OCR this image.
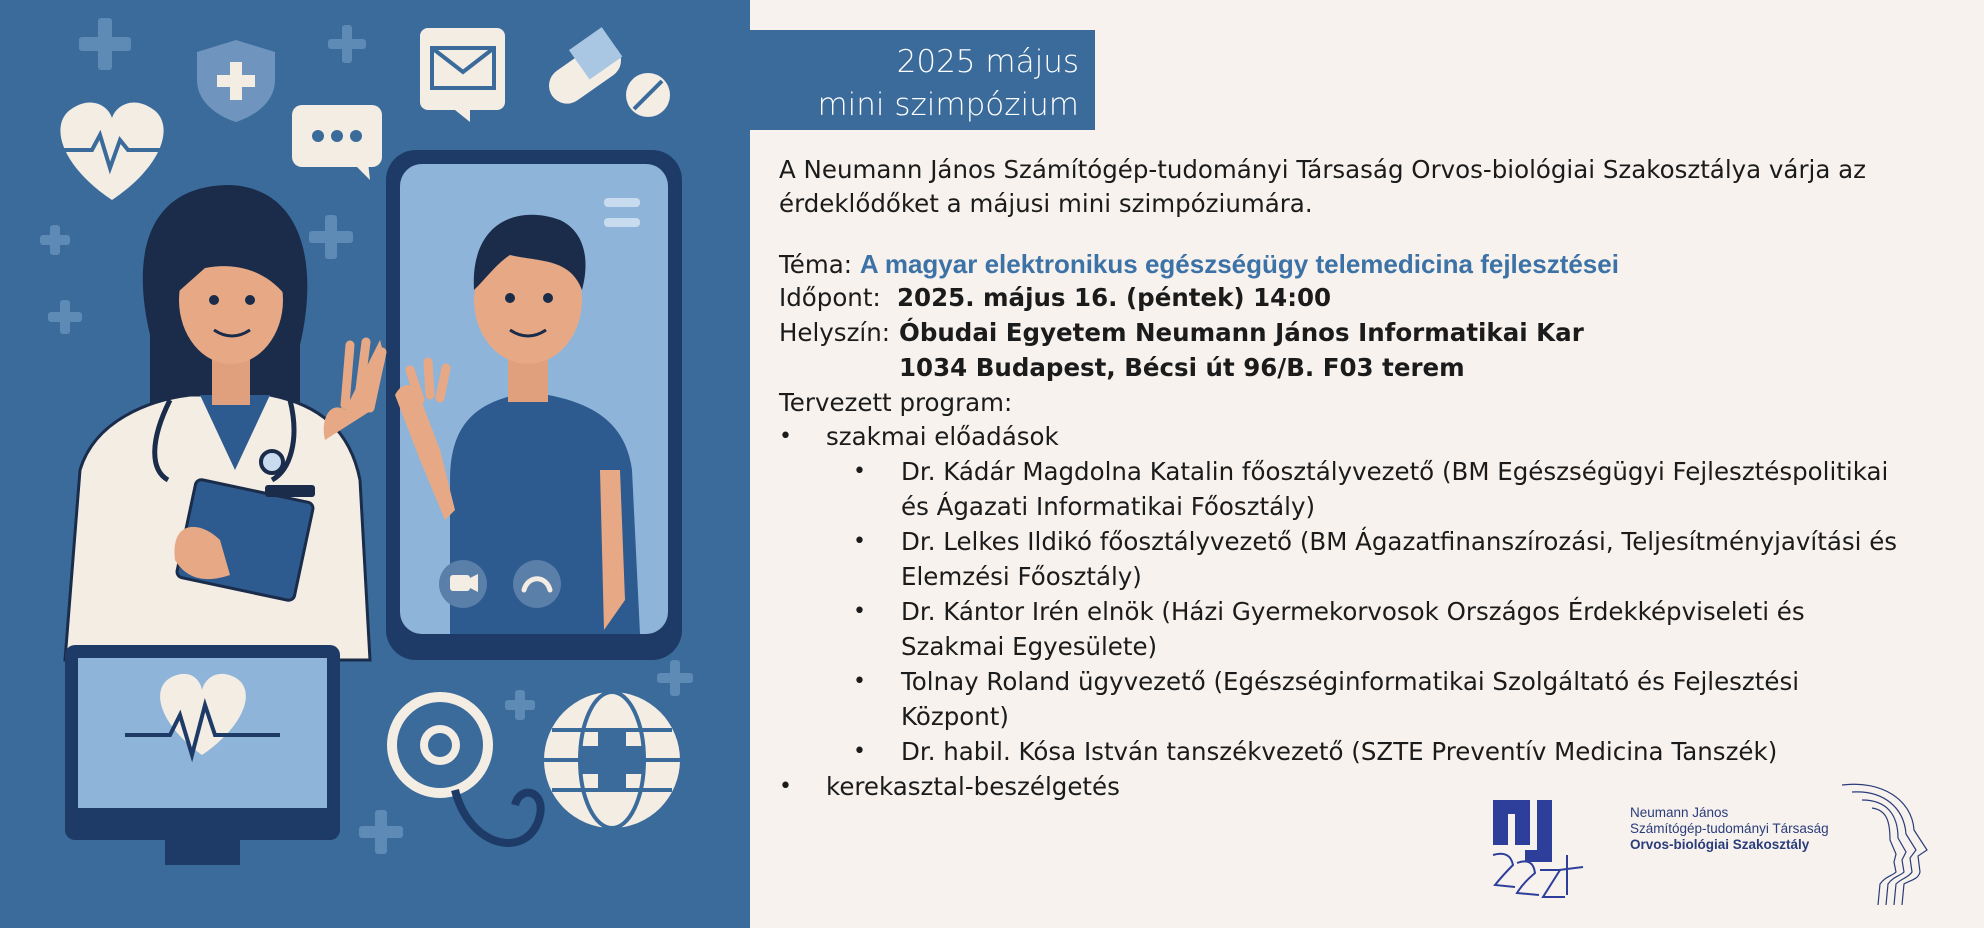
2025 május
mini szimpózium
A Neumann János Számítógép-tudományi Társaság Orvos-biológiai Szakosztálya várja az
érdeklődőket a májusi mini szimpóziumára.
Téma: A magyar elektronikus egészségügy telemedicina fejlesztései
Időpont: 2025. május 16. (péntek) 14:00
Helyszín: Óbudai Egyetem Neumann János Informatikai Kar
1034 Budapest, Bécsi út 96/B. F03 terem
Tervezett program:
• szakmai előadások
• Dr. Kádár Magdolna Katalin főosztályvezető (BM Egészségügyi Fejlesztéspolitikai
és Ágazati Informatikai Főosztály)
• Dr. Lelkes Ildikó főosztályvezető (BM Ágazatfinanszírozási, Teljesítményjavítási és
Elemzési Főosztály)
• Dr. Kántor Irén elnök (Házi Gyermekorvosok Országos Érdekképviseleti és
Szakmai Egyesülete)
• Tolnay Roland ügyvezető (Egészséginformatikai Szolgáltató és Fejlesztési
Központ)
• Dr. habil. Kósa István tanszékvezető (SZTE Preventív Medicina Tanszék)
• kerekasztal-beszélgetés
Neumann János
Számítógép-tudományi Társaság
Orvos-biológiai Szakosztály
